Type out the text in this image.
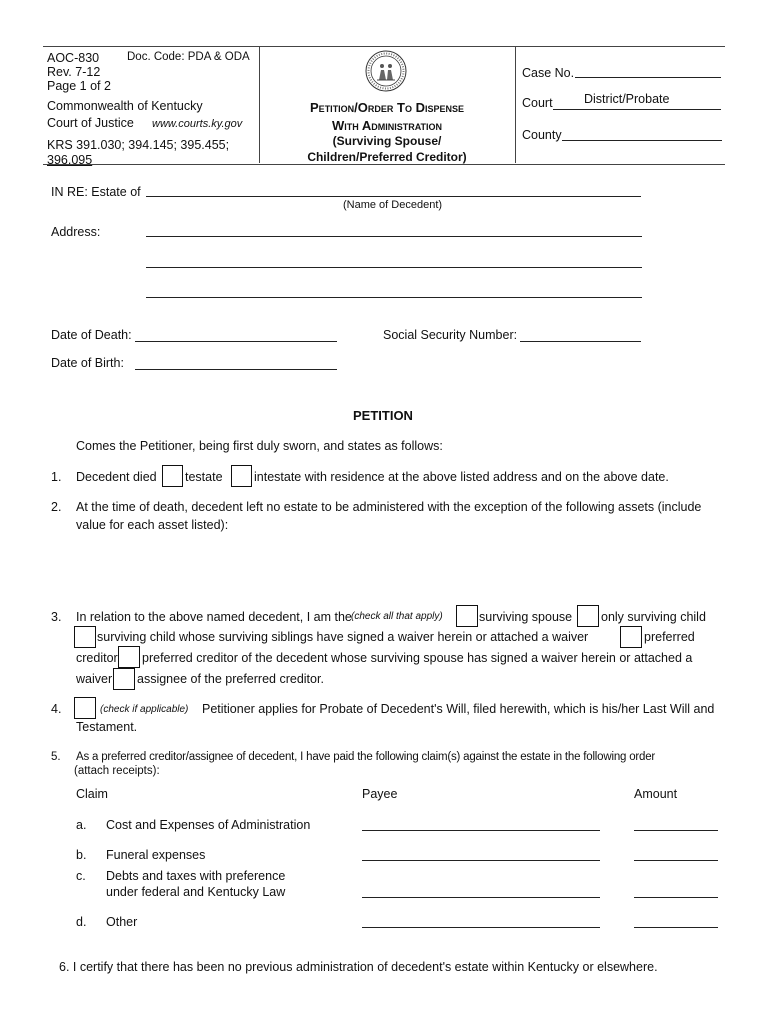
AOC-830 Doc. Code: PDA & ODA
Rev. 7-12
Page 1 of 2
Commonwealth of Kentucky
Court of Justice www.courts.ky.gov
KRS 391.030; 394.145; 395.455;
396.095
Petition/Order To Dispense
With Administration
(Surviving Spouse/
Children/Preferred Creditor)
Case No.
Court	District/Probate
County
IN RE: Estate of
(Name of Decedent)
Address:
Date of Death:	Social Security Number:
Date of Birth:
PETITION
Comes the Petitioner, being first duly sworn, and states as follows:
1. Decedent died testate	intestate with residence at the above listed address and on the above date.
2. At the time of death, decedent left no estate to be administered with the exception of the following assets (include
value for each asset listed):
3. In relation to the above named decedent, I am the (check all that apply)	surviving spouse only surviving child
surviving child whose surviving siblings have signed a waiver herein or attached a waiver	preferred
creditor preferred creditor of the decedent whose surviving spouse has signed a waiver herein or attached a
waiver assignee of the preferred creditor.
4.	(check if applicable) Petitioner applies for Probate of Decedent's Will, filed herewith, which is his/her Last Will and
Testament.
5. As a preferred creditor/assignee of decedent, I have paid the following claim(s) against the estate in the following order
(attach receipts):
Claim	Payee	Amount
a. Cost and Expenses of Administration
b. Funeral expenses
c. Debts and taxes with preference
under federal and Kentucky Law
d. Other
6. I certify that there has been no previous administration of decedent's estate within Kentucky or elsewhere.
